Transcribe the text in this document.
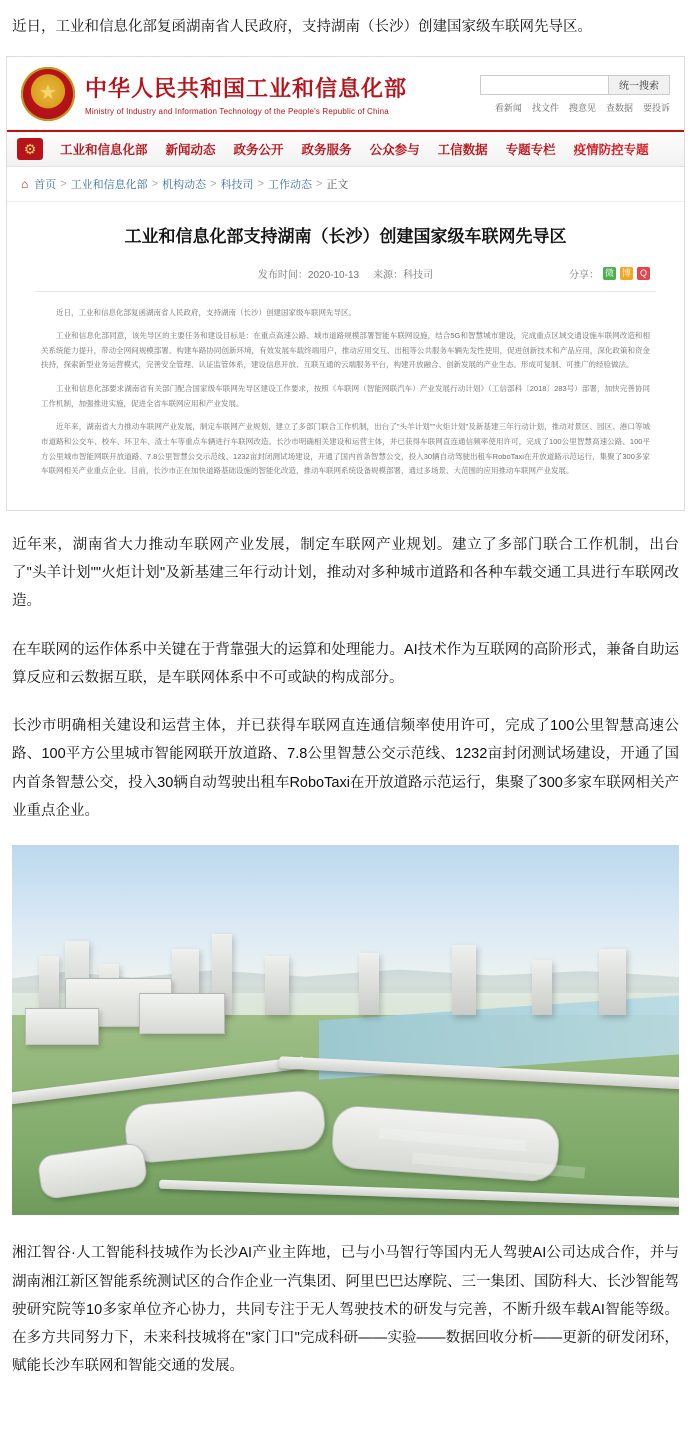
近日，工业和信息化部复函湖南省人民政府，支持湖南（长沙）创建国家级车联网先导区。
★
中华人民共和国工业和信息化部
Ministry of Industry and Information Technology of the People's Republic of China
统一搜索
看新闻 找文件 搜意见 查数据 要投诉
⚙
工业和信息化部	新闻动态	政务公开	政务服务	公众参与	工信数据	专题专栏	疫情防控专题
⌂ 首页 > 工业和信息化部 > 机构动态 > 科技司 > 工作动态 > 正文
工业和信息化部支持湖南（长沙）创建国家级车联网先导区
发布时间：2020-10-13 来源：科技司	分享： 微 博 Q

近日，工业和信息化部复函湖南省人民政府，支持湖南（长沙）创建国家级车联网先导区。

工业和信息化部同意，该先导区的主要任务和建设目标是：在重点高速公路、城市道路规模部署智能车联网设施，结合5G和智慧城市建设，完成重点区域交通设施车联网改造和相关系统能力提升，带动全网间规模部署。构建车路协同创新环境，有效发展车载终端用户，推动应用交互、出租等公共服务车辆先发性使用，促进创新技术和产品应用，深化政策和资金扶持，探索新型业务运营模式，完善安全管理、认证监管体系，建设信息开放、互联互通的云端服务平台，构建开放融合、创新发展的产业生态。形成可复制、可推广的经验做法。

工业和信息化部要求湖南省有关部门配合国家级车联网先导区建设工作要求，按照《车联网（智能网联汽车）产业发展行动计划》（工信部科〔2018〕283号）部署，加快完善协同工作机制，加强推进实施，促进全省车联网应用和产业发展。

近年来，湖南省大力推动车联网产业发展，制定车联网产业规划，建立了多部门联合工作机制，出台了"头羊计划""火炬计划"及新基建三年行动计划，推动对景区、园区、港口等城市道路和公交车、校车、环卫车、渣土车等重点车辆进行车联网改造。长沙市明确相关建设和运营主体，并已获得车联网直连通信频率使用许可，完成了100公里智慧高速公路、100平方公里城市智能网联开放道路、7.8公里智慧公交示范线、1232亩封闭测试场建设，开通了国内首条智慧公交，投入30辆自动驾驶出租车RoboTaxi在开放道路示范运行，集聚了300多家车联网相关产业重点企业。目前，长沙市正在加快道路基础设施的智能化改造，推动车联网系统设备规模部署，通过多场景、大范围的应用推动车联网产业发展。

近年来，湖南省大力推动车联网产业发展，制定车联网产业规划。建立了多部门联合工作机制，出台了"头羊计划""火炬计划"及新基建三年行动计划，推动对多种城市道路和各种车载交通工具进行车联网改造。
在车联网的运作体系中关键在于背靠强大的运算和处理能力。AI技术作为互联网的高阶形式，兼备自助运算反应和云数据互联，是车联网体系中不可或缺的构成部分。
长沙市明确相关建设和运营主体，并已获得车联网直连通信频率使用许可，完成了100公里智慧高速公路、100平方公里城市智能网联开放道路、7.8公里智慧公交示范线、1232亩封闭测试场建设，开通了国内首条智慧公交，投入30辆自动驾驶出租车RoboTaxi在开放道路示范运行，集聚了300多家车联网相关产业重点企业。
湘江智谷·人工智能科技城作为长沙AI产业主阵地，已与小马智行等国内无人驾驶AI公司达成合作，并与湖南湘江新区智能系统测试区的合作企业一汽集团、阿里巴巴达摩院、三一集团、国防科大、长沙智能驾驶研究院等10多家单位齐心协力，共同专注于无人驾驶技术的研发与完善，不断升级车载AI智能等级。在多方共同努力下，未来科技城将在"家门口"完成科研——实验——数据回收分析——更新的研发闭环，赋能长沙车联网和智能交通的发展。
